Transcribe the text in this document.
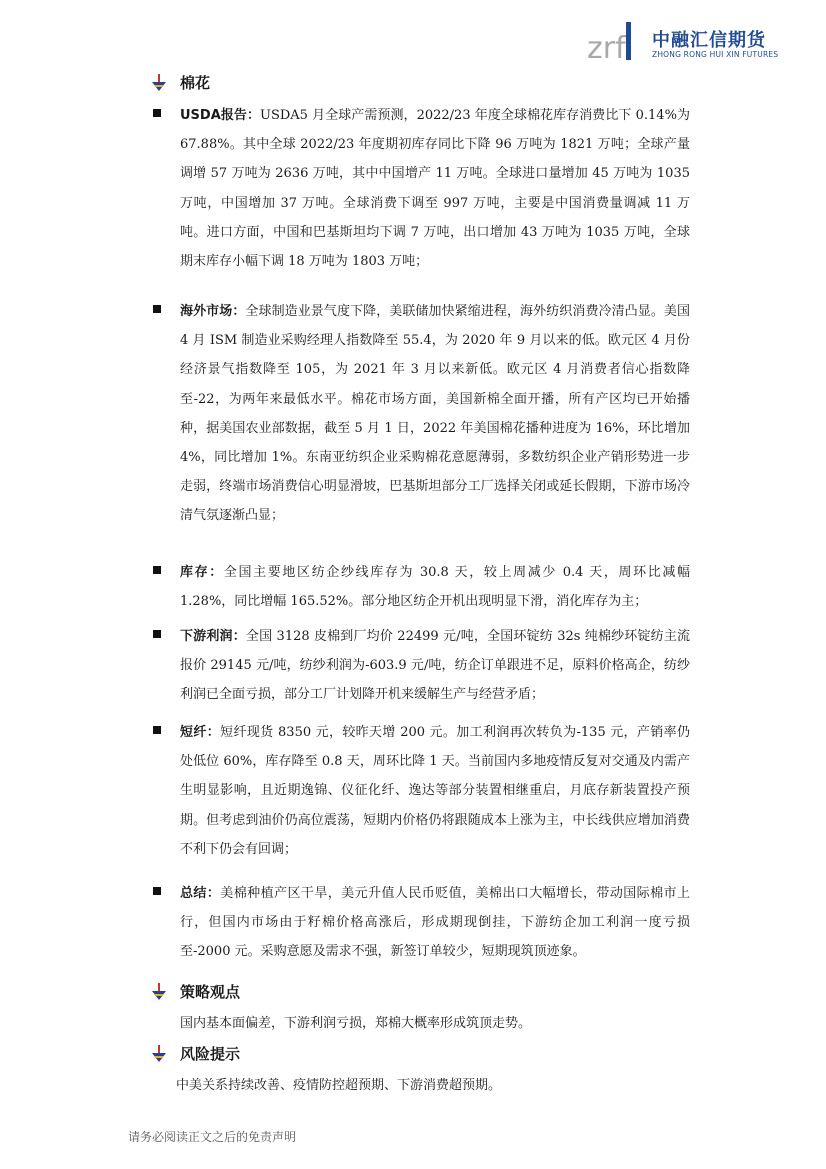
zrf 中融汇信期货
ZHONG RONG HUI XIN FUTURES
棉花

USDA报告：USDA5 月全球产需预测，2022/23 年度全球棉花库存消费比下 0.14%为 67.88%。其中全球 2022/23 年度期初库存同比下降 96 万吨为 1821 万吨；全球产量调增 57 万吨为 2636 万吨，其中中国增产 11 万吨。全球进口量增加 45 万吨为 1035 万吨，中国增加 37 万吨。全球消费下调至 997 万吨，主要是中国消费量调减 11 万吨。进口方面，中国和巴基斯坦均下调 7 万吨，出口增加 43 万吨为 1035 万吨，全球期末库存小幅下调 18 万吨为 1803 万吨；

海外市场：全球制造业景气度下降，美联储加快紧缩进程，海外纺织消费冷清凸显。美国 4 月 ISM 制造业采购经理人指数降至 55.4，为 2020 年 9 月以来的低。欧元区 4 月份经济景气指数降至 105，为 2021 年 3 月以来新低。欧元区 4 月消费者信心指数降至-22，为两年来最低水平。棉花市场方面，美国新棉全面开播，所有产区均已开始播种，据美国农业部数据，截至 5 月 1 日，2022 年美国棉花播种进度为 16%，环比增加 4%，同比增加 1%。东南亚纺织企业采购棉花意愿薄弱，多数纺织企业产销形势进一步走弱，终端市场消费信心明显滑坡，巴基斯坦部分工厂选择关闭或延长假期，下游市场冷清气氛逐渐凸显；

库存：全国主要地区纺企纱线库存为 30.8 天，较上周减少 0.4 天，周环比减幅 1.28%，同比增幅 165.52%。部分地区纺企开机出现明显下滑，消化库存为主；

下游利润：全国 3128 皮棉到厂均价 22499 元/吨，全国环锭纺 32s 纯棉纱环锭纺主流报价 29145 元/吨，纺纱利润为-603.9 元/吨，纺企订单跟进不足，原料价格高企，纺纱利润已全面亏损，部分工厂计划降开机来缓解生产与经营矛盾；

短纤：短纤现货 8350 元，较昨天增 200 元。加工利润再次转负为-135 元，产销率仍处低位 60%，库存降至 0.8 天，周环比降 1 天。当前国内多地疫情反复对交通及内需产生明显影响，且近期逸锦、仪征化纤、逸达等部分装置相继重启，月底存新装置投产预期。但考虑到油价仍高位震荡，短期内价格仍将跟随成本上涨为主，中长线供应增加消费不利下仍会有回调；

总结：美棉种植产区干旱，美元升值人民币贬值，美棉出口大幅增长，带动国际棉市上行，但国内市场由于籽棉价格高涨后，形成期现倒挂，下游纺企加工利润一度亏损至-2000 元。采购意愿及需求不强，新签订单较少，短期现筑顶迹象。

策略观点
国内基本面偏差，下游利润亏损，郑棉大概率形成筑顶走势。
风险提示
中美关系持续改善、疫情防控超预期、下游消费超预期。
请务必阅读正文之后的免责声明
